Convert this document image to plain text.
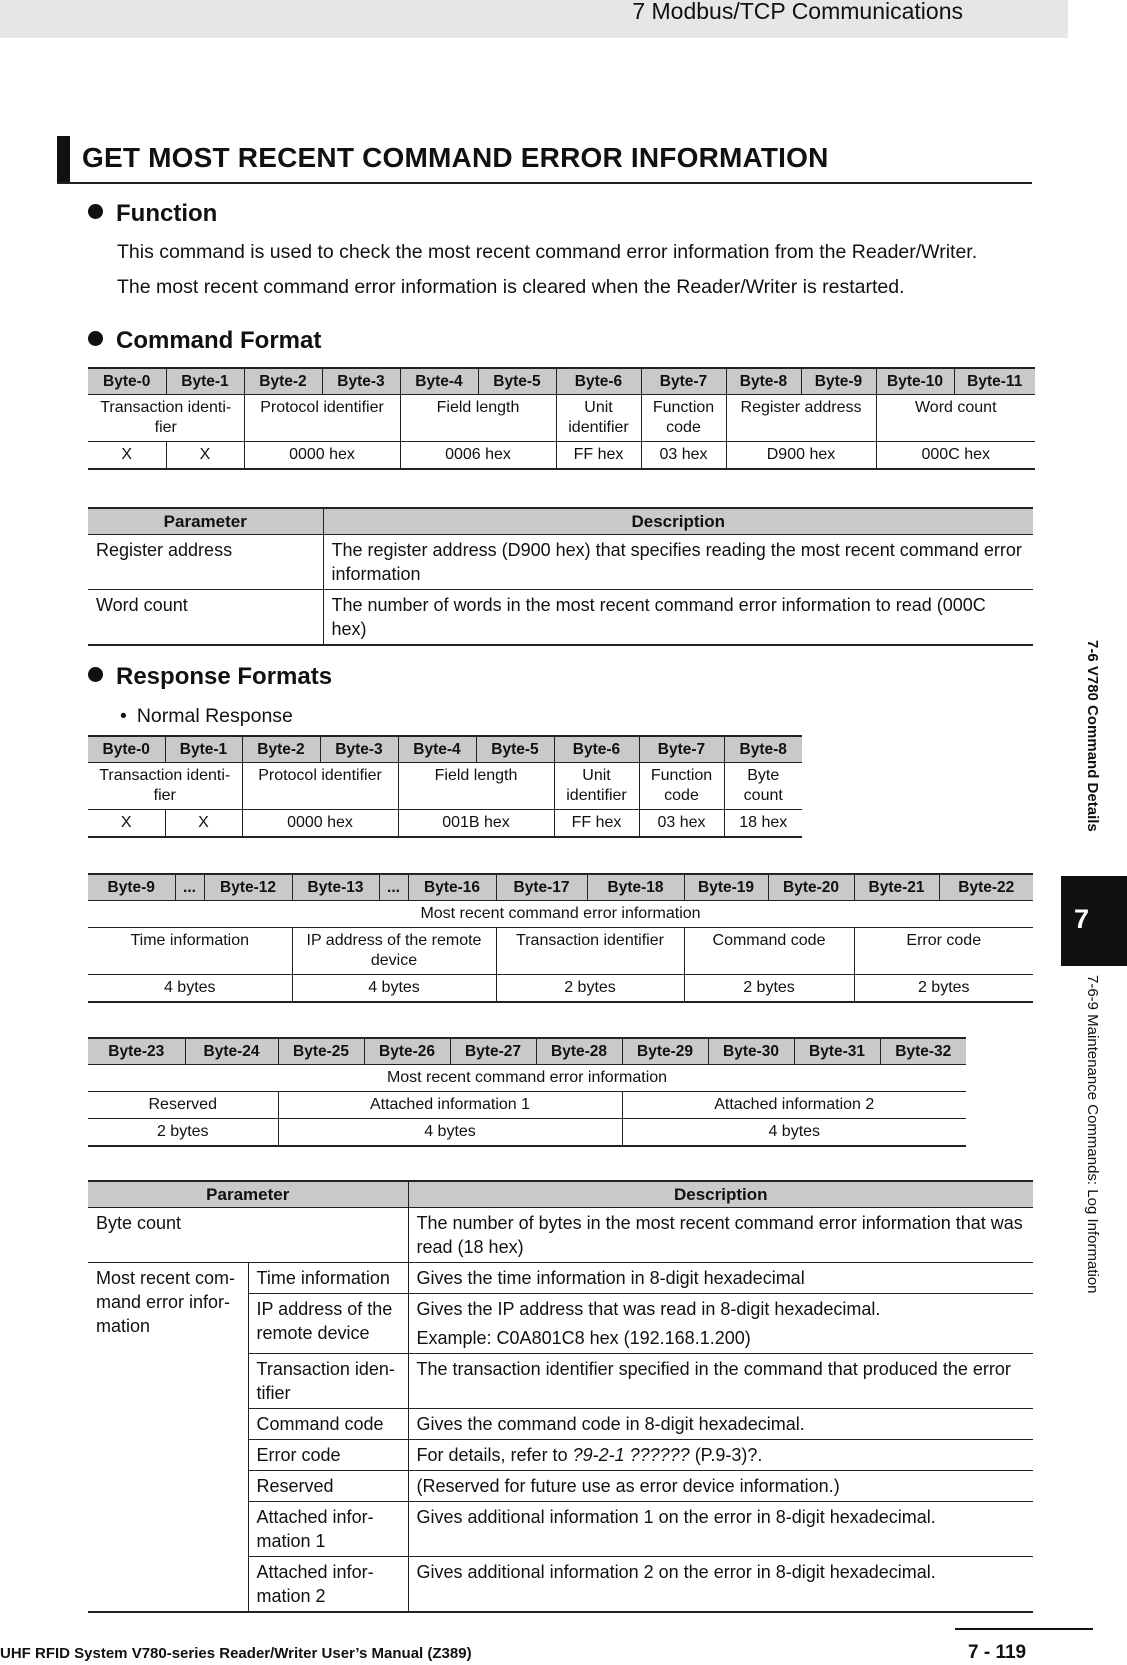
7 Modbus/TCP Communications
GET MOST RECENT COMMAND ERROR INFORMATION
Function
This command is used to check the most recent command error information from the Reader/Writer.
The most recent command error information is cleared when the Reader/Writer is restarted.
Command Format
Byte-0	Byte-1	Byte-2	Byte-3	Byte-4	Byte-5	Byte-6	Byte-7	Byte-8	Byte-9	Byte-10	Byte-11
Transaction identi-fier		Protocol identifier		Field length		Unit identifier	Function code	Register address		Word count	
X	X	0000 hex		0006 hex		FF hex	03 hex	D900 hex		000C hex	
Parameter	Description
Register address	The register address (D900 hex) that specifies reading the most recent command error information
Word count	The number of words in the most recent command error information to read (000C hex)
Response Formats
• Normal Response
Byte-0	Byte-1	Byte-2	Byte-3	Byte-4	Byte-5	Byte-6	Byte-7	Byte-8
Transaction identi-fier		Protocol identifier		Field length		Unit identifier	Function code	Byte count
X	X	0000 hex		001B hex		FF hex	03 hex	18 hex
Byte-9	...	Byte-12	Byte-13	...	Byte-16	Byte-17	Byte-18	Byte-19	Byte-20	Byte-21	Byte-22
Most recent command error information											
Time information			IP address of the remote device			Transaction identifier		Command code		Error code	
4 bytes			4 bytes			2 bytes		2 bytes		2 bytes	
Byte-23	Byte-24	Byte-25	Byte-26	Byte-27	Byte-28	Byte-29	Byte-30	Byte-31	Byte-32
Most recent command error information									
Reserved		Attached information 1				Attached information 2			
2 bytes		4 bytes				4 bytes			
Parameter		Description
Byte count		The number of bytes in the most recent command error information that was read (18 hex)
Most recent com-mand error infor-mation	Time information	Gives the time information in 8-digit hexadecimal
	IP address of the remote device	Gives the IP address that was read in 8-digit hexadecimal.
Example: C0A801C8 hex (192.168.1.200)
	Transaction iden-tifier	The transaction identifier specified in the command that produced the error
	Command code	Gives the command code in 8-digit hexadecimal.
	Error code	For details, refer to ?9-2-1 ?????? (P.9-3)?.
	Reserved	(Reserved for future use as error device information.)
	Attached infor-mation 1	Gives additional information 1 on the error in 8-digit hexadecimal.
	Attached infor-mation 2	Gives additional information 2 on the error in 8-digit hexadecimal.
7-6 V780 Command Details
7
7-6-9 Maintenance Commands: Log Information
UHF RFID System V780-series Reader/Writer User’s Manual (Z389)	7 - 119
